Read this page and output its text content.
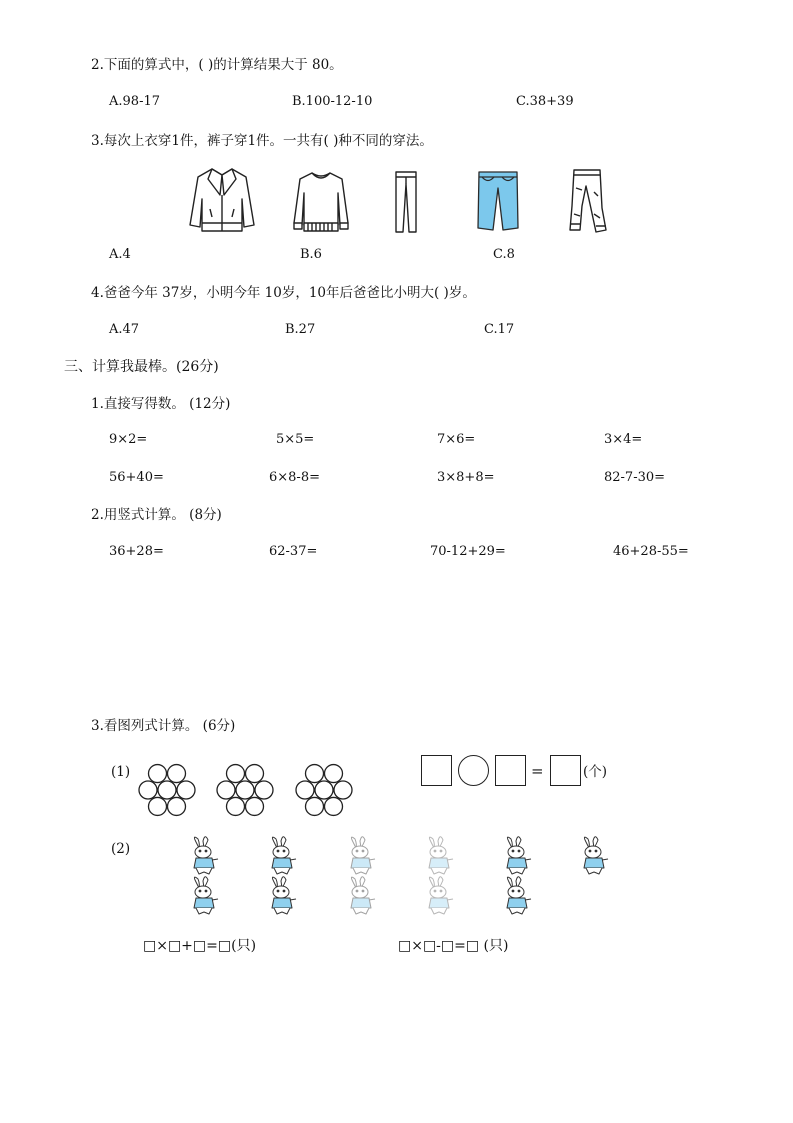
2.下面的算式中，( )的计算结果大于 80。
A.98-17	B.100-12-10	C.38+39
3.每次上衣穿1件，裤子穿1件。一共有( )种不同的穿法。
A.4	B.6	C.8
4.爸爸今年 37岁，小明今年 10岁，10年后爸爸比小明大( )岁。
A.47	B.27	C.17
三、计算我最棒。(26分)
1.直接写得数。 (12分)
9×2=	5×5=	7×6=	3×4=
56+40=	6×8-8=	3×8+8=	82-7-30=
2.用竖式计算。 (8分)
36+28=	62-37=	70-12+29=	46+28-55=
3.看图列式计算。 (6分)
(1)	=	(个)
(2)
□×□+□=□(只)	□×□-□=□ (只)
